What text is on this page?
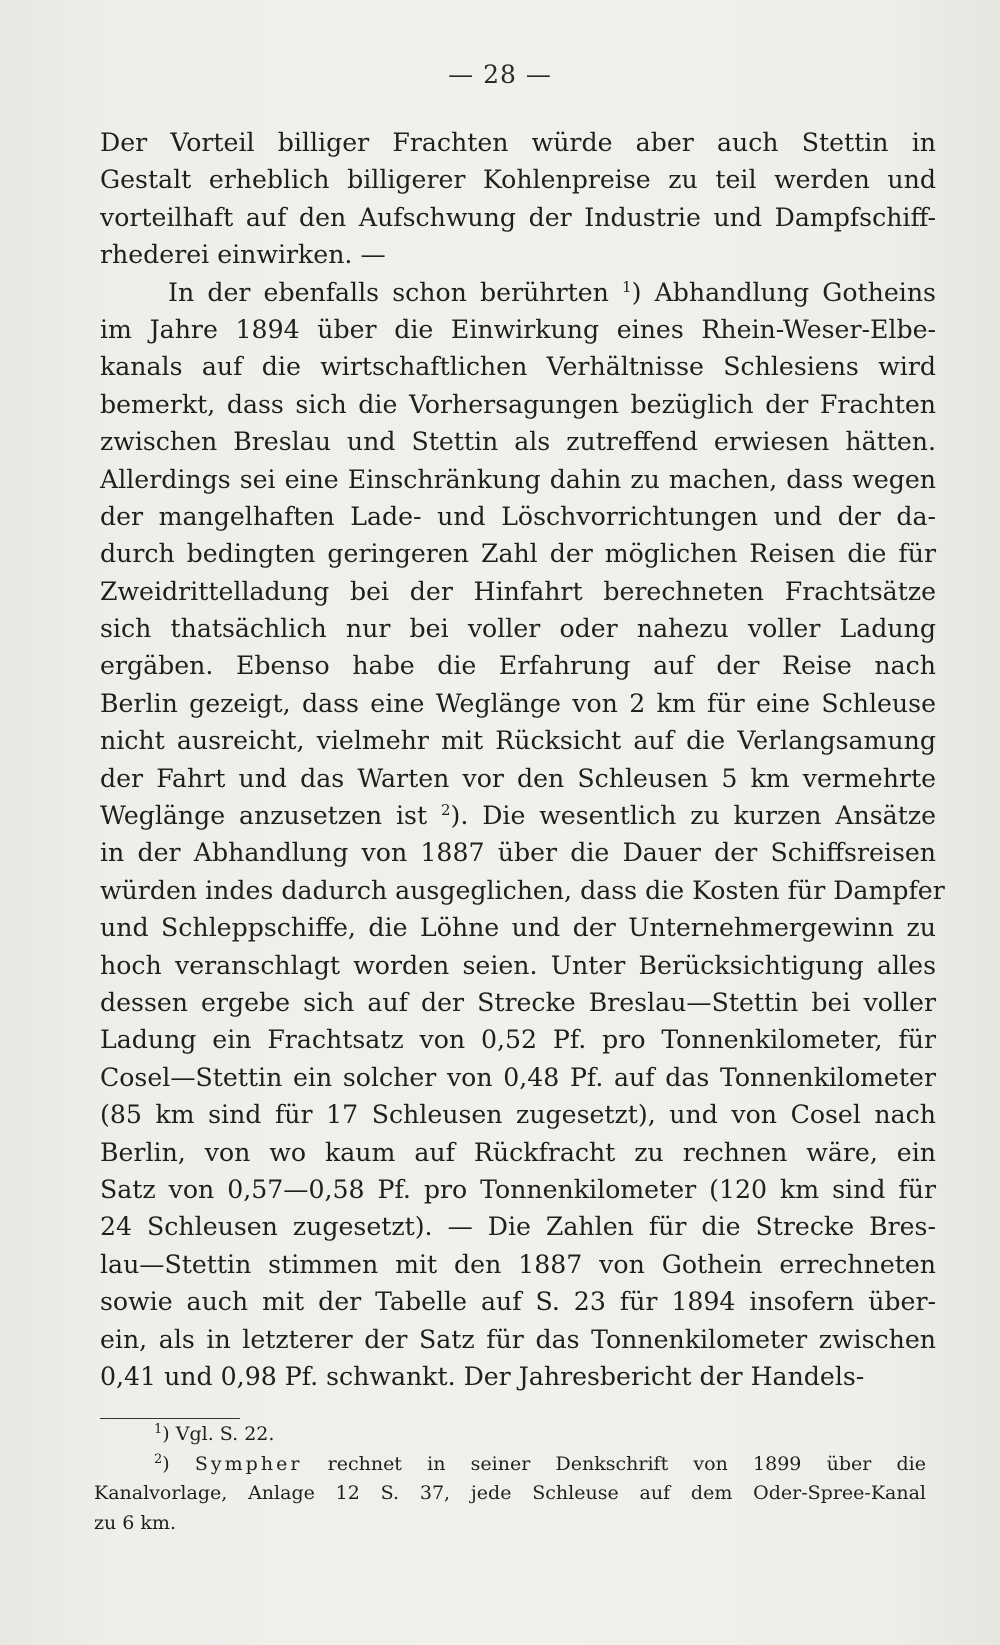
— 28 —
Der Vorteil billiger Frachten würde aber auch Stettin in
Gestalt erheblich billigerer Kohlenpreise zu teil werden und
vorteilhaft auf den Aufschwung der Industrie und Dampfschiff-
rhederei einwirken. —
In der ebenfalls schon berührten $^1$) Abhandlung Gotheins
im Jahre 1894 über die Einwirkung eines Rhein-Weser-Elbe-
kanals auf die wirtschaftlichen Verhältnisse Schlesiens wird
bemerkt, dass sich die Vorhersagungen bezüglich der Frachten
zwischen Breslau und Stettin als zutreffend erwiesen hätten.
Allerdings sei eine Einschränkung dahin zu machen, dass wegen
der mangelhaften Lade- und Löschvorrichtungen und der da-
durch bedingten geringeren Zahl der möglichen Reisen die für
Zweidrittelladung bei der Hinfahrt berechneten Frachtsätze
sich thatsächlich nur bei voller oder nahezu voller Ladung
ergäben. Ebenso habe die Erfahrung auf der Reise nach
Berlin gezeigt, dass eine Weglänge von 2 km für eine Schleuse
nicht ausreicht, vielmehr mit Rücksicht auf die Verlangsamung
der Fahrt und das Warten vor den Schleusen 5 km vermehrte
Weglänge anzusetzen ist $^2$). Die wesentlich zu kurzen Ansätze
in der Abhandlung von 1887 über die Dauer der Schiffsreisen
würden indes dadurch ausgeglichen, dass die Kosten für Dampfer
und Schleppschiffe, die Löhne und der Unternehmergewinn zu
hoch veranschlagt worden seien. Unter Berücksichtigung alles
dessen ergebe sich auf der Strecke Breslau—Stettin bei voller
Ladung ein Frachtsatz von 0,52 Pf. pro Tonnenkilometer, für
Cosel—Stettin ein solcher von 0,48 Pf. auf das Tonnenkilometer
(85 km sind für 17 Schleusen zugesetzt), und von Cosel nach
Berlin, von wo kaum auf Rückfracht zu rechnen wäre, ein
Satz von 0,57—0,58 Pf. pro Tonnenkilometer (120 km sind für
24 Schleusen zugesetzt). — Die Zahlen für die Strecke Bres-
lau—Stettin stimmen mit den 1887 von Gothein errechneten
sowie auch mit der Tabelle auf S. 23 für 1894 insofern über-
ein, als in letzterer der Satz für das Tonnenkilometer zwischen
0,41 und 0,98 Pf. schwankt. Der Jahresbericht der Handels-
$^1$) Vgl. S. 22.
$^2$) Sympher rechnet in seiner Denkschrift von 1899 über die
Kanalvorlage, Anlage 12 S. 37, jede Schleuse auf dem Oder-Spree-Kanal
zu 6 km.
